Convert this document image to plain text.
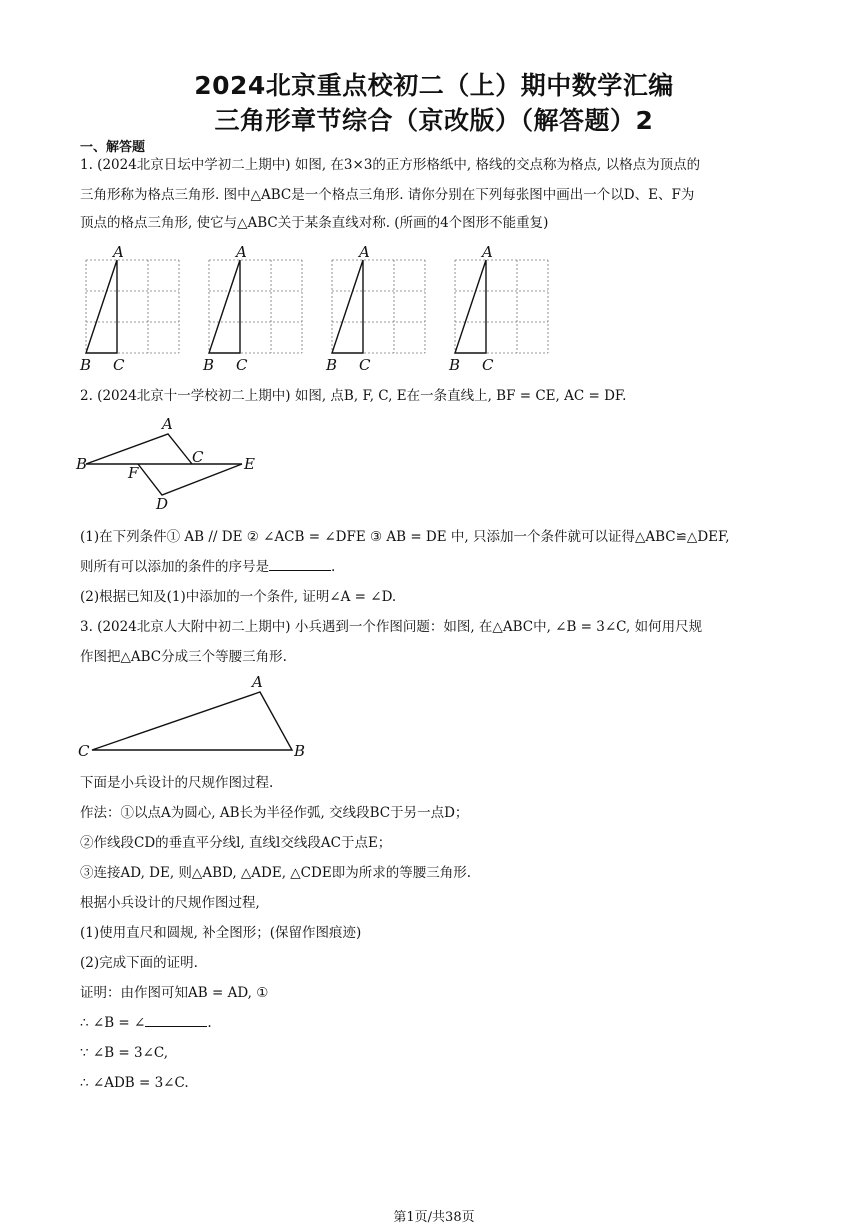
2024北京重点校初二（上）期中数学汇编
三角形章节综合（京改版）（解答题）2
一、解答题
1. (2024北京日坛中学初二上期中) 如图, 在3×3的正方形格纸中, 格线的交点称为格点, 以格点为顶点的
三角形称为格点三角形. 图中△ABC是一个格点三角形. 请你分别在下列每张图中画出一个以D、E、F为
顶点的格点三角形, 使它与△ABC关于某条直线对称. (所画的4个图形不能重复)
A
B C
A
B C
A
B C
A
B C
2. (2024北京十一学校初二上期中) 如图, 点B, F, C, E在一条直线上, BF = CE, AC = DF.
A
B	C
D
E
F
(1)在下列条件① AB // DE ② ∠ACB = ∠DFE ③ AB = DE 中, 只添加一个条件就可以证得△ABC≌△DEF,
则所有可以添加的条件的序号是	.
(2)根据已知及(1)中添加的一个条件, 证明∠A = ∠D.
3. (2024北京人大附中初二上期中) 小兵遇到一个作图问题：如图, 在△ABC中, ∠B = 3∠C, 如何用尺规
作图把△ABC分成三个等腰三角形.
A
B
C
下面是小兵设计的尺规作图过程.
作法：①以点A为圆心, AB长为半径作弧, 交线段BC于另一点D；
②作线段CD的垂直平分线l, 直线l交线段AC于点E；
③连接AD, DE, 则△ABD, △ADE, △CDE即为所求的等腰三角形.
根据小兵设计的尺规作图过程,
(1)使用直尺和圆规, 补全图形；(保留作图痕迹)
(2)完成下面的证明.
证明：由作图可知AB = AD, ①
∴ ∠B = ∠	.
∵ ∠B = 3∠C,
∴ ∠ADB = 3∠C.
第1页/共38页
